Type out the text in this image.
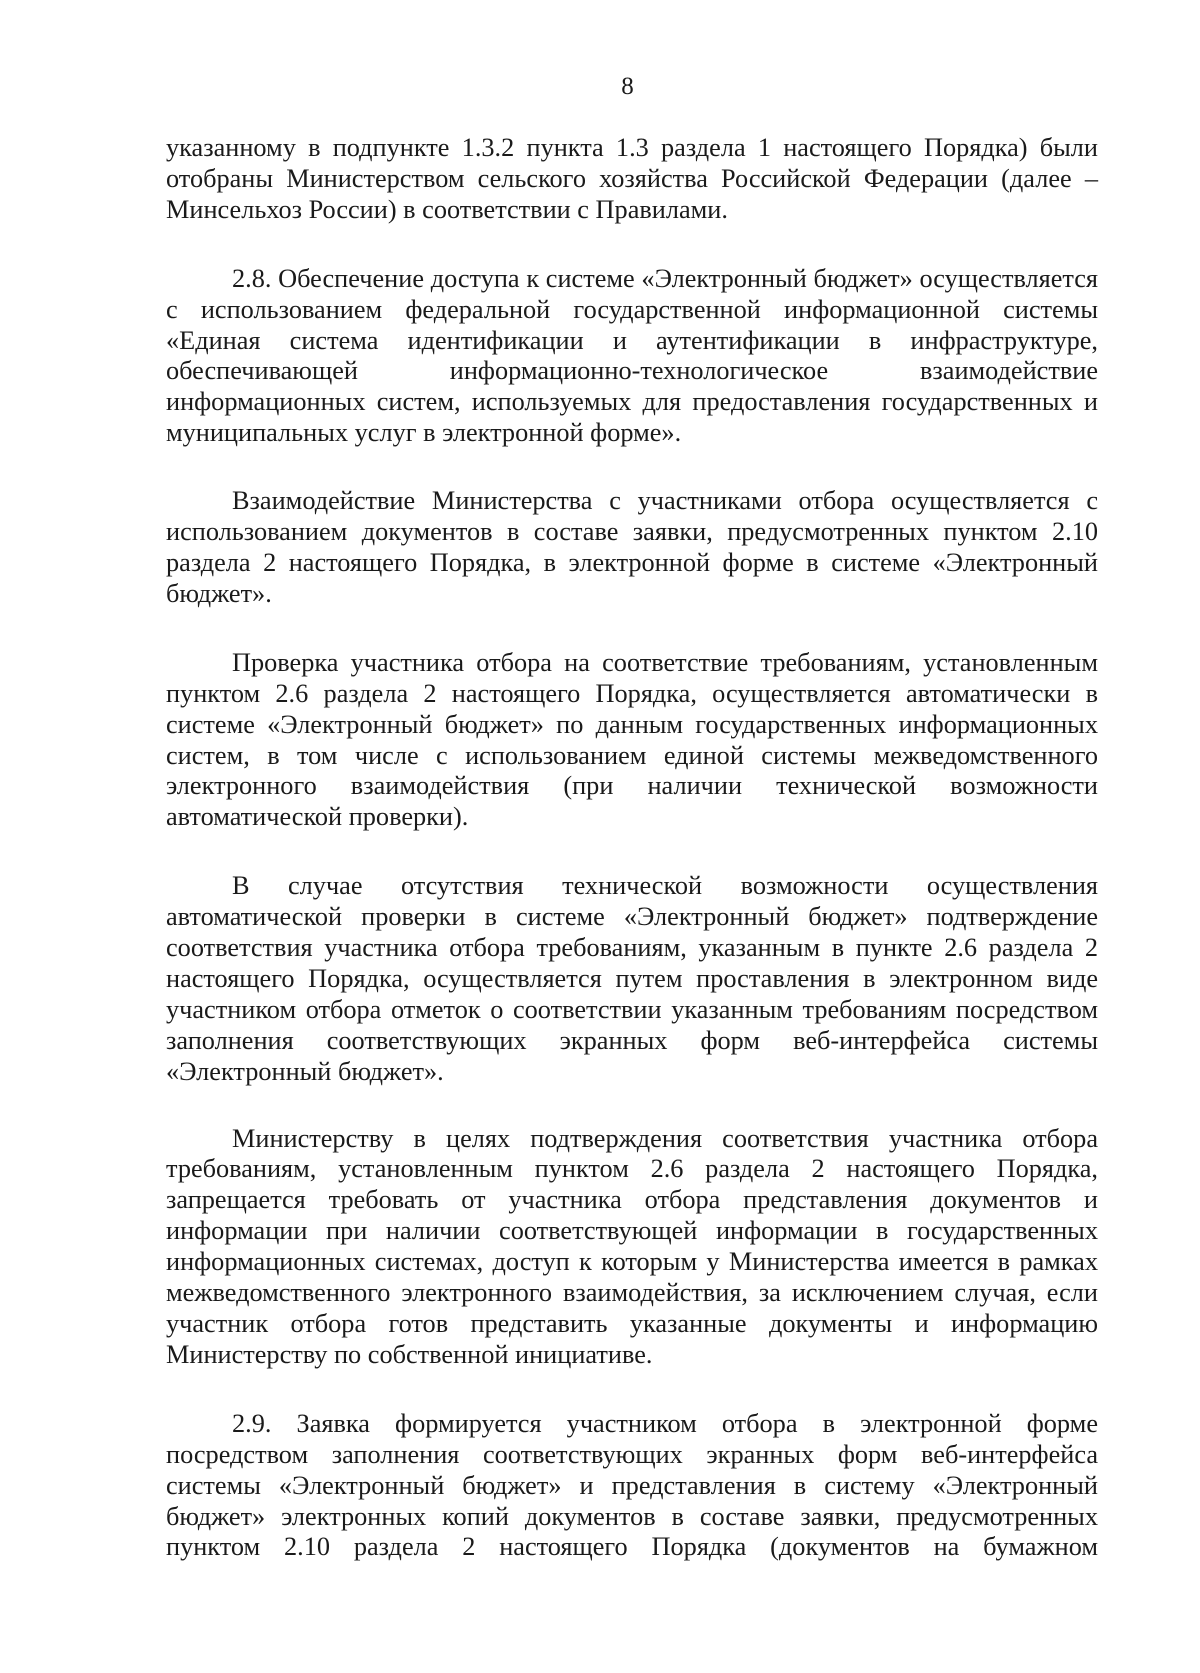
8

указанному в подпункте 1.3.2 пункта 1.3 раздела 1 настоящего Порядка) были отобраны Министерством сельского хозяйства Российской Федерации (далее – Минсельхоз России) в соответствии с Правилами.

2.8. Обеспечение доступа к системе «Электронный бюджет» осуществляется с использованием федеральной государственной информационной системы «Единая система идентификации и аутентификации в инфраструктуре, обеспечивающей информационно-технологическое взаимодействие информационных систем, используемых для предоставления государственных и муниципальных услуг в электронной форме».

Взаимодействие Министерства с участниками отбора осуществляется с использованием документов в составе заявки, предусмотренных пунктом 2.10 раздела 2 настоящего Порядка, в электронной форме в системе «Электронный бюджет».

Проверка участника отбора на соответствие требованиям, установленным пунктом 2.6 раздела 2 настоящего Порядка, осуществляется автоматически в системе «Электронный бюджет» по данным государственных информационных систем, в том числе с использованием единой системы межведомственного электронного взаимодействия (при наличии технической возможности автоматической проверки).

В случае отсутствия технической возможности осуществления автоматической проверки в системе «Электронный бюджет» подтверждение соответствия участника отбора требованиям, указанным в пункте 2.6 раздела 2 настоящего Порядка, осуществляется путем проставления в электронном виде участником отбора отметок о соответствии указанным требованиям посредством заполнения соответствующих экранных форм веб-интерфейса системы «Электронный бюджет».

Министерству в целях подтверждения соответствия участника отбора требованиям, установленным пунктом 2.6 раздела 2 настоящего Порядка, запрещается требовать от участника отбора представления документов и информации при наличии соответствующей информации в государственных информационных системах, доступ к которым у Министерства имеется в рамках межведомственного электронного взаимодействия, за исключением случая, если участник отбора готов представить указанные документы и информацию Министерству по собственной инициативе.

2.9. Заявка формируется участником отбора в электронной форме посредством заполнения соответствующих экранных форм веб-интерфейса системы «Электронный бюджет» и представления в систему «Электронный бюджет» электронных копий документов в составе заявки, предусмотренных пунктом 2.10 раздела 2 настоящего Порядка (документов на бумажном
